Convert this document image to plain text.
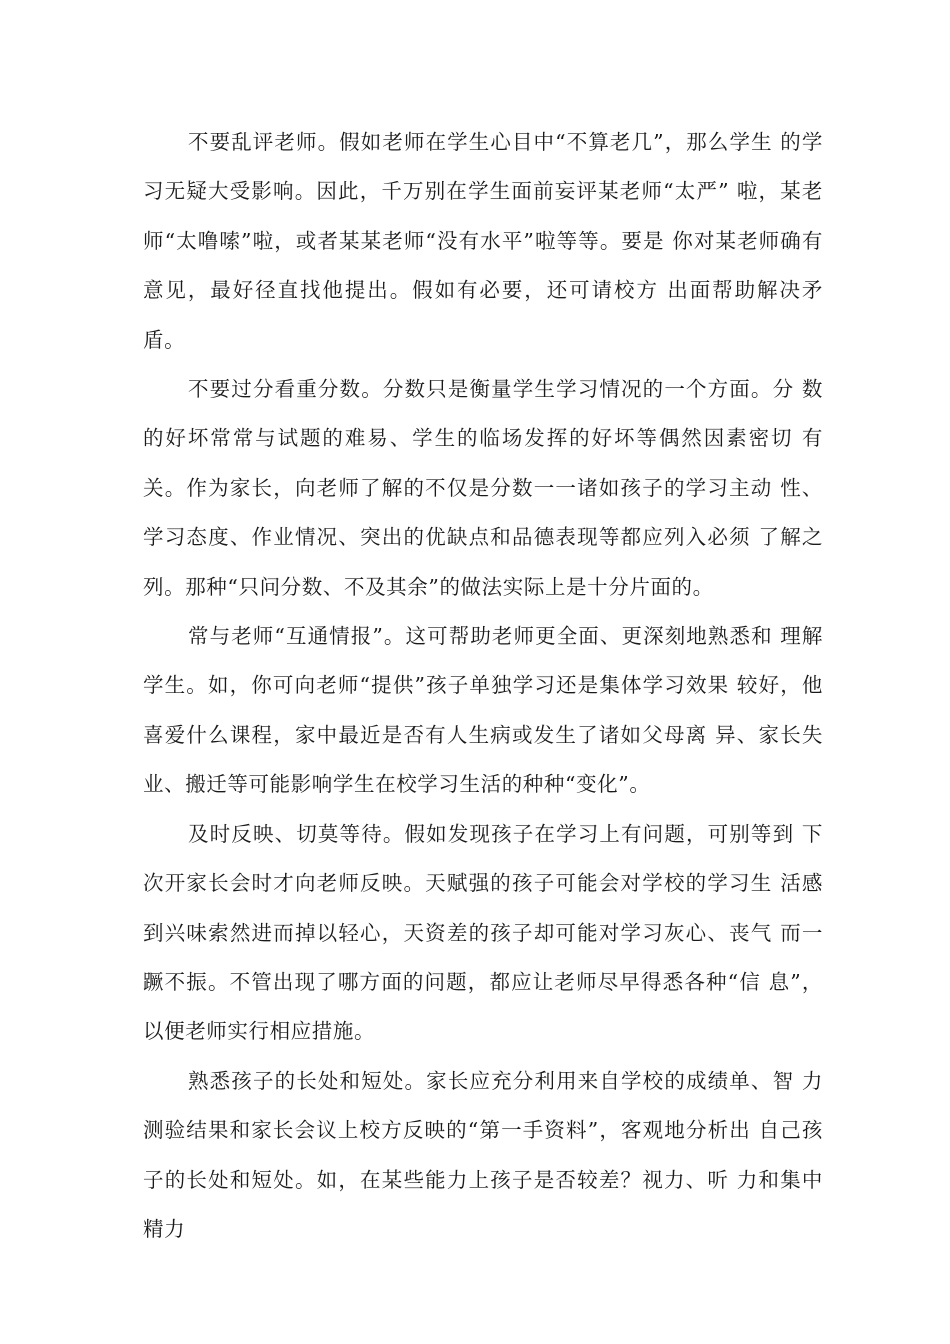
不要乱评老师。假如老师在学生心目中“不算老几”，那么学生 的学习无疑大受影响。因此，千万别在学生面前妄评某老师“太严” 啦，某老师“太噜嗦”啦，或者某某老师“没有水平”啦等等。要是 你对某老师确有意见，最好径直找他提出。假如有必要，还可请校方 出面帮助解决矛盾。

不要过分看重分数。分数只是衡量学生学习情况的一个方面。分 数的好坏常常与试题的难易、学生的临场发挥的好坏等偶然因素密切 有关。作为家长，向老师了解的不仅是分数一一诸如孩子的学习主动 性、学习态度、作业情况、突出的优缺点和品德表现等都应列入必须 了解之列。那种“只问分数、不及其余”的做法实际上是十分片面的。

常与老师“互通情报”。这可帮助老师更全面、更深刻地熟悉和 理解学生。如，你可向老师“提供”孩子单独学习还是集体学习效果 较好，他喜爱什么课程，家中最近是否有人生病或发生了诸如父母离 异、家长失业、搬迁等可能影响学生在校学习生活的种种“变化”。

及时反映、切莫等待。假如发现孩子在学习上有问题，可别等到 下次开家长会时才向老师反映。天赋强的孩子可能会对学校的学习生 活感到兴味索然进而掉以轻心，天资差的孩子却可能对学习灰心、丧气 而一蹶不振。不管出现了哪方面的问题，都应让老师尽早得悉各种“信 息”，以便老师实行相应措施。

熟悉孩子的长处和短处。家长应充分利用来自学校的成绩单、智 力测验结果和家长会议上校方反映的“第一手资料”，客观地分析出 自己孩子的长处和短处。如，在某些能力上孩子是否较差？视力、听 力和集中精力
